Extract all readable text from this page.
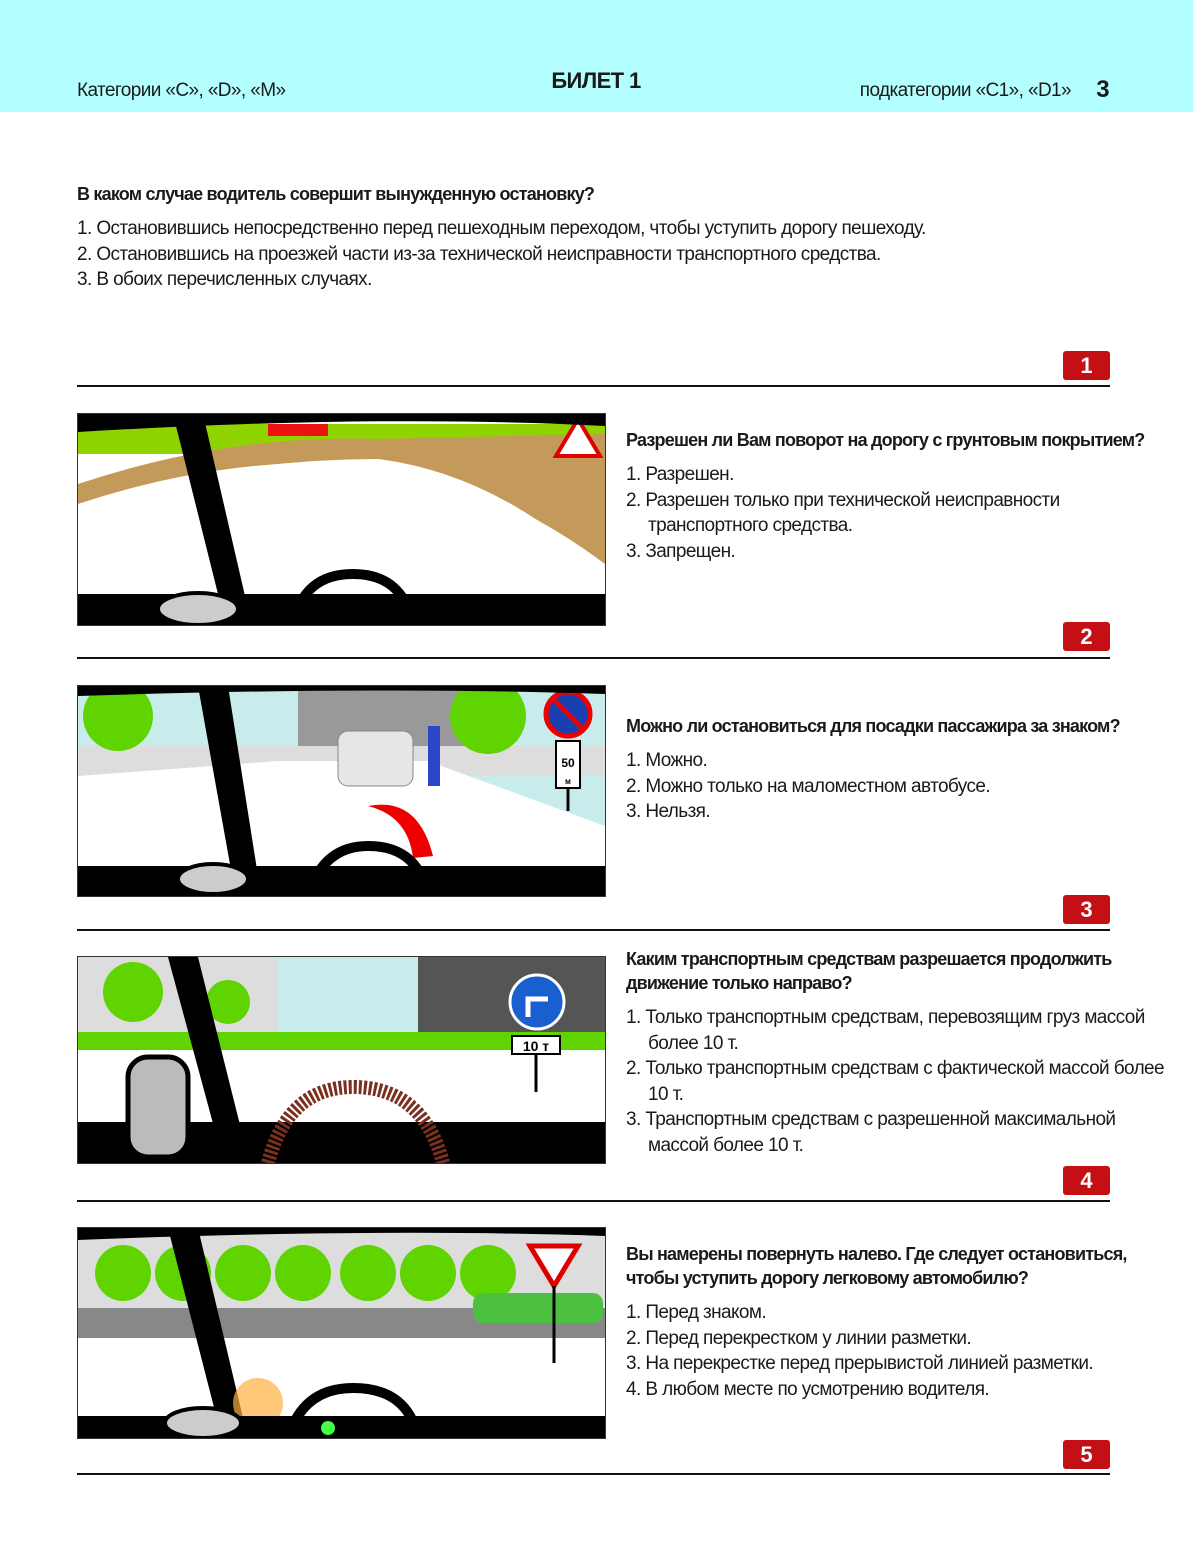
Категории «C», «D», «M»	БИЛЕТ 1	подкатегории «C1», «D1» 3
В каком случае водитель совершит вынужденную остановку?
1. Остановившись непосредственно перед пешеходным переходом, чтобы уступить дорогу пешеходу.
2. Остановившись на проезжей части из-за технической неисправности транспортного средства.
3. В обоих перечисленных случаях.
1
Разрешен ли Вам поворот на дорогу с грунтовым покрытием?
1. Разрешен.
2. Разрешен только при технической неисправности транспортного средства.
3. Запрещен.
2
50
м
Можно ли остановиться для посадки пассажира за знаком?
1. Можно.
2. Можно только на маломестном автобусе.
3. Нельзя.
3
10 т
Каким транспортным средствам разрешается продолжить движение только направо?
1. Только транспортным средствам, перевозящим груз массой более 10 т.
2. Только транспортным средствам с фактической массой более 10 т.
3. Транспортным средствам с разрешенной максимальной массой более 10 т.
4
Вы намерены повернуть налево. Где следует остановиться, чтобы уступить дорогу легковому автомобилю?
1. Перед знаком.
2. Перед перекрестком у линии разметки.
3. На перекрестке перед прерывистой линией разметки.
4. В любом месте по усмотрению водителя.
5
